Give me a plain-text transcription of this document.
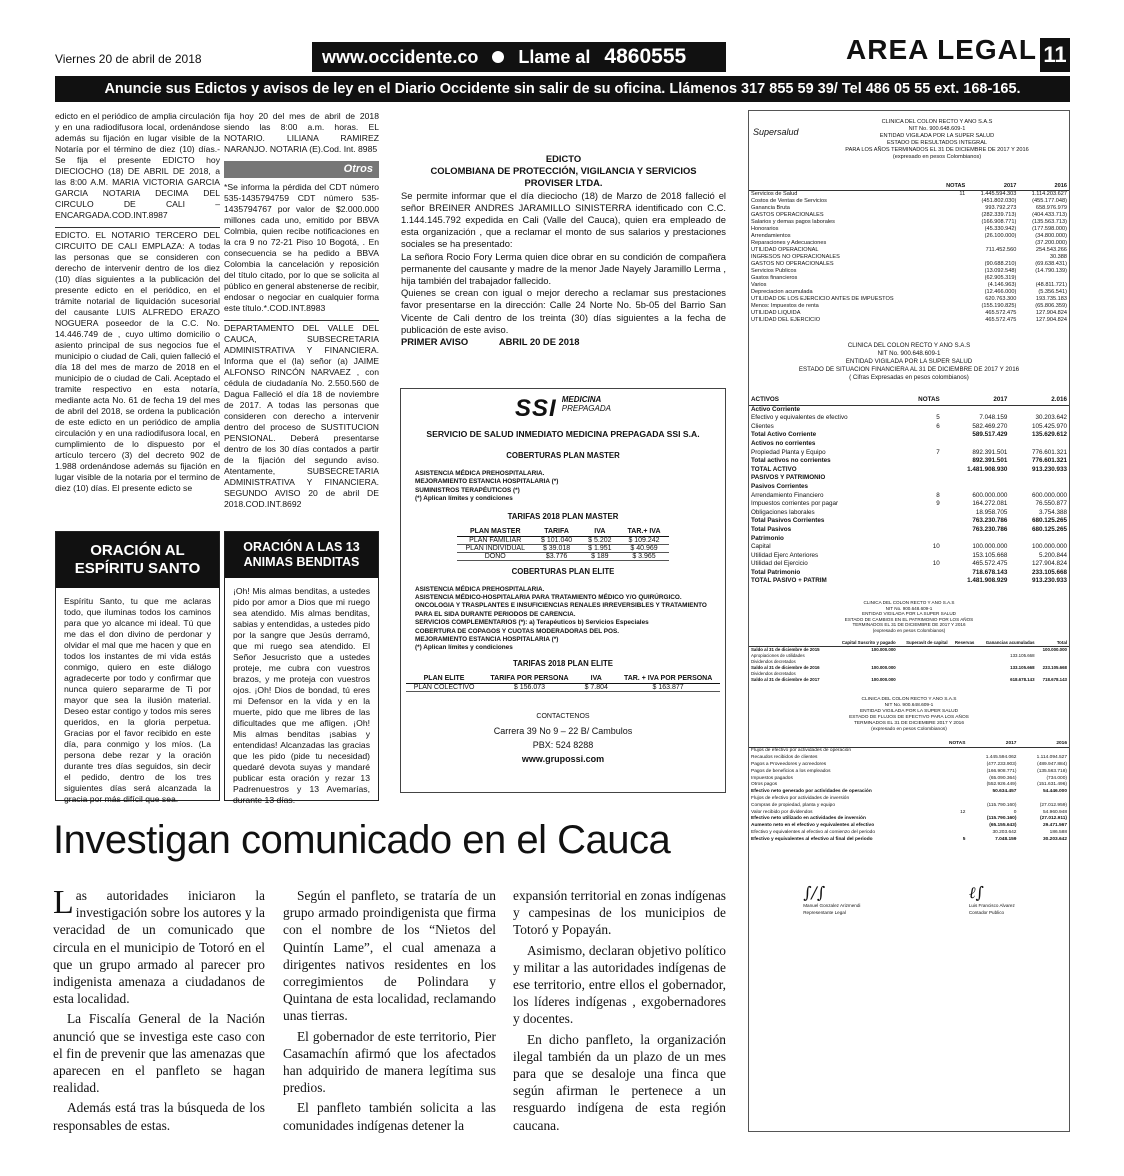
Viernes 20 de abril de 2018	www.occidente.co Llame al 4860555	AREA LEGAL 11
Anuncie sus Edictos y avisos de ley en el Diario Occidente sin salir de su oficina. Llámenos 317 855 59 39/ Tel 486 05 55 ext. 168-165.

edicto en el periódico de amplia circulación y en una radiodifusora local, ordenándose además su fijación en lugar visible de la Notaría por el término de diez (10) días.- Se fija el presente EDICTO hoy DIECIOCHO (18) DE ABRIL DE 2018, a las 8:00 A.M. MARIA VICTORIA GARCIA GARCIA NOTARIA DECIMA DEL CIRCULO DE CALI – ENCARGADA.COD.INT.8987

EDICTO. EL NOTARIO TERCERO DEL CIRCUITO DE CALI EMPLAZA: A todas las personas que se consideren con derecho de intervenir dentro de los diez (10) días siguientes a la publicación del presente edicto en el periódico, en el trámite notarial de liquidación sucesorial del causante LUIS ALFREDO ERAZO NOGUERA poseedor de la C.C. No. 14.446.749 de , cuyo ultimo domicilio o asiento principal de sus negocios fue el municipio o ciudad de Cali, quien falleció el día 18 del mes de marzo de 2018 en el municipio de o ciudad de Cali. Aceptado el tramite respectivo en esta notaría, mediante acta No. 61 de fecha 19 del mes de abril del 2018, se ordena la publicación de este edicto en un periódico de amplia circulación y en una radiodifusora local, en cumplimiento de lo dispuesto por el artículo tercero (3) del decreto 902 de 1.988 ordenándose además su fijación en lugar visible de la notaria por el termino de diez (10) días. El presente edicto se

fija hoy 20 del mes de abril de 2018 siendo las 8:00 a.m. horas. EL NOTARIO. LILIANA RAMIREZ NARANJO. NOTARIA (E).Cod. Int. 8985

Otros

*Se informa la pérdida del CDT número 535-1435794759 CDT número 535-1435794767 por valor de $2.000.000 millones cada uno, emitido por BBVA Colmbia, quien recibe notificaciones en la cra 9 no 72-21 Piso 10 Bogotá, . En consecuencia se ha pedido a BBVA Colombia la cancelación y reposición del título citado, por lo que se solicita al público en general abstenerse de recibir, endosar o negociar en cualquier forma este título.*.COD.INT.8983

DEPARTAMENTO DEL VALLE DEL CAUCA, SUBSECRETARIA ADMINISTRATIVA Y FINANCIERA. Informa que el (la) señor (a) JAIME ALFONSO RINCÓN NARVAEZ , con cédula de ciudadanía No. 2.550.560 de Dagua Falleció el día 18 de noviembre de 2017. A todas las personas que consideren con derecho a intervenir dentro del proceso de SUSTITUCION PENSIONAL. Deberá presentarse dentro de los 30 días contados a partir de la fijación del segundo aviso. Atentamente, SUBSECRETARIA ADMINISTRATIVA Y FINANCIERA. SEGUNDO AVISO 20 de abril DE 2018.COD.INT.8692

ORACIÓN AL ESPÍRITU SANTO
Espíritu Santo, tu que me aclaras todo, que iluminas todos los caminos para que yo alcance mi ideal. Tú que me das el don divino de perdonar y olvidar el mal que me hacen y que en todos los instantes de mi vida estás conmigo, quiero en este diálogo agradecerte por todo y confirmar que nunca quiero separarme de Ti por mayor que sea la ilusión material. Deseo estar contigo y todos mis seres queridos, en la gloria perpetua. Gracias por el favor recibido en este día, para conmigo y los míos. (La persona debe rezar y la oración durante tres días seguidos, sin decir el pedido, dentro de los tres siguientes días será alcanzada la gracia por más difícil que sea.
ORACIÓN A LAS 13 ANIMAS BENDITAS
¡Oh! Mis almas benditas, a ustedes pido por amor a Dios que mi ruego sea atendido. Mis almas benditas, sabias y entendidas, a ustedes pido por la sangre que Jesús derramó, que mi ruego sea atendido. El Señor Jesucristo que a ustedes proteje, me cubra con vuestros brazos, y me proteja con vuestros ojos. ¡Oh! Dios de bondad, tú eres mi Defensor en la vida y en la muerte, pido que me libres de las dificultades que me afligen. ¡Oh! Mis almas benditas ¡sabias y entendidas! Alcanzadas las gracias que les pido (pide tu necesidad) quedaré devota suyas y mandaré publicar esta oración y rezar 13 Padrenuestros y 13 Avemarías, durante 13 días.
EDICTO
COLOMBIANA DE PROTECCIÓN, VIGILANCIA Y SERVICIOS
PROVISER LTDA.
Se permite informar que el día dieciocho (18) de Marzo de 2018 falleció el señor BREINER ANDRES JARAMILLO SINISTERRA identificado con C.C. 1.144.145.792 expedida en Cali (Valle del Cauca), quien era empleado de esta organización , que a reclamar el monto de sus salarios y prestaciones sociales se ha presentado:
La señora Rocio Fory Lerma quien dice obrar en su condición de compañera permanente del causante y madre de la menor Jade Nayely Jaramillo Lerma , hija también del trabajador fallecido.
Quienes se crean con igual o mejor derecho a reclamar sus prestaciones favor presentarse en la dirección: Calle 24 Norte No. 5b-05 del Barrio San Vicente de Cali dentro de los treinta (30) días siguientes a la fecha de publicación de este aviso.
PRIMER AVISO	ABRIL 20 DE 2018
SSI MEDICINA
PREPAGADA
SERVICIO DE SALUD INMEDIATO MEDICINA PREPAGADA SSI S.A.
COBERTURAS PLAN MASTER
ASISTENCIA MÉDICA PREHOSPITALARIA.
MEJORAMIENTO ESTANCIA HOSPITALARIA (*)
SUMINISTROS TERAPÉUTICOS (*)
(*) Aplican límites y condiciones
TARIFAS 2018 PLAN MASTER
PLAN MASTER	TARIFA	IVA	TAR.+ IVA
PLAN FAMILIAR	$ 101.040	$ 5.202	$ 109.242
PLAN INDIVIDUAL	$ 39.018	$ 1.951	$ 40.969
DONO	$3.776	$ 189	$ 3.965
COBERTURAS PLAN ELITE
ASISTENCIA MÉDICA PREHOSPITALARIA.
ASISTENCIA MÉDICO-HOSPITALARIA PARA TRATAMIENTO MÉDICO Y/O QUIRÚRGICO.
ONCOLOGIA Y TRASPLANTES E INSUFICIENCIAS RENALES IRREVERSIBLES Y TRATAMIENTO PARA EL SIDA DURANTE PERIODOS DE CARENCIA.
SERVICIOS COMPLEMENTARIOS (*): a) Terapéuticos b) Servicios Especiales
COBERTURA DE COPAGOS Y CUOTAS MODERADORAS DEL POS.
MEJORAMIENTO ESTANCIA HOSPITALARIA (*)
(*) Aplican límites y condiciones
TARIFAS 2018 PLAN ELITE
PLAN ELITE	TARIFA POR PERSONA	IVA	TAR. + IVA POR PERSONA
PLAN COLECTIVO	$ 156.073	$ 7.804	$ 163.877
CONTACTENOS
Carrera 39 No 9 – 22 B/ Cambulos
PBX: 524 8288
www.grupossi.com
Supersalud
CLINICA DEL COLON RECTO Y ANO S.A.S
NIT No. 900.648.609-1
ENTIDAD VIGILADA POR LA SUPER SALUD
ESTADO DE RESULTADOS INTEGRAL
PARA LOS AÑOS TERMINADOS EL 31 DE DICIEMBRE DE 2017 Y 2016
(expresado en pesos Colombianos)
	NOTAS	2017	2016
Servicios de Salud	11	1.445.594.303	1.114.203.627
Costos de Ventas de Servicios		(451.802.030)	(455.177.048)
Ganancia Bruta		993.792.273	658.976.979
GASTOS OPERACIONALES		(282.339.713)	(404.433.713)
Salarios y demas pagos laborales		(166.908.771)	(135.563.713)
Honorarios		(45.330.942)	(177.598.000)
Arrendamientos		(26.100.000)	(34.800.000)
Reparaciones y Adecuaciones			(37.200.000)
UTILIDAD OPERACIONAL		711.452.560	254.543.266
INGRESOS NO OPERACIONALES			30.388
GASTOS NO OPERACIONALES		(90.688.210)	(69.638.431)
Servicios Publicos		(13.092.548)	(14.790.139)
Gastos financieros		(62.905.319)	
Varios		(4.146.963)	(48.811.721)
Depreciacion acumulada		(12.466.000)	(5.356.541)
UTILIDAD DE LOS EJERCICIO ANTES DE IMPUESTOS		620.763.300	193.735.183
Menos: Impuestos de renta		(155.190.825)	(65.806.359)
UTILIDAD LIQUIDA		465.572.475	127.904.824
UTILIDAD DEL EJERCICIO		465.572.475	127.904.824
CLINICA DEL COLON RECTO Y ANO S.A.S
NIT No. 900.648.609-1
ENTIDAD VIGILADA POR LA SUPER SALUD
ESTADO DE SITUACION FINANCIERA AL 31 DE DICIEMBRE DE 2017 Y 2016
( Cifras Expresadas en pesos colombianos)
ACTIVOS	NOTAS	2017	2.016
Activo Corriente			
Efectivo y equivalentes de efectivo	5	7.048.159	30.203.642
Clientes	6	582.469.270	105.425.970
Total Activo Corriente		589.517.429	135.629.612
Activos no corrientes			
Propiedad Planta y Equipo	7	892.391.501	776.601.321
Total activos no corrientes		892.391.501	776.601.321
TOTAL ACTIVO		1.481.908.930	913.230.933
PASIVOS Y PATRIMONIO			
Pasivos Corrientes			
Arrendamiento Financiero	8	600.000.000	600.000.000
Impuestos corrientes por pagar	9	164.272.081	76.550.877
Obligaciones laborales		18.958.705	3.754.388
Total Pasivos Corrientes		763.230.786	680.125.265
Total Pasivos		763.230.786	680.125.265
Patrimonio			
Capital	10	100.000.000	100.000.000
Utilidad Ejerc Anteriores		153.105.668	5.200.844
Utilidad del Ejercicio	10	465.572.475	127.904.824
Total Patrimonio		718.678.143	233.105.668
TOTAL PASIVO + PATRIM		1.481.908.929	913.230.933
CLINICA DEL COLON RECTO Y ANO S.A.S
NIT No. 900.648.609-1
ENTIDAD VIGILADA POR LA SUPER SALUD
ESTADO DE CAMBIOS EN EL PATRIMONIO POR LOS AÑOS
TERMINADOS EL 31 DE DICIEMBRE DE 2017 Y 2016
(expresado en pesos Colombianos)
	Capital Suscrito y pagado	Superavit de capital	Reservas	Ganancias acumuladas	Total
Saldo al 31 de diciembre de 2015	100.000.000				100.000.000
Apropiaciones de utilidades				133.105.668	
Dividendos decretados					
Saldo al 31 de diciembre de 2016	100.000.000			133.105.668	233.105.668
Dividendos decretados					
Saldo al 31 de diciembre de 2017	100.000.000			618.678.143	718.678.143
CLINICA DEL COLON RECTO Y ANO S.A.S
NIT No. 900.648.609-1
ENTIDAD VIGILADA POR LA SUPER SALUD
ESTADO DE FLUJOS DE EFECTIVO PARA LOS AÑOS
TERMINADOS EL 31 DE DICIEMBRE 2017 Y 2016
(expresado en pesos Colombianos)
	NOTAS	2017	2016
Flujos de efectivo por actividades de operación			
Recaudos recibidos de clientes		1.445.594.062	1.114.094.527
Pagos a Proveedores y acreedores		(477.233.903)	(489.947.884)
Pagos de beneficios a los empleados		(166.908.771)	(135.563.718)
Impuestos pagados		(65.090.364)	(734.000)
Otros pagos		(552.926.449)	(151.631.496)
Efectivo neto generado por actividades de operación		50.634.457	54.446.000
Flujos de efectivo por actividades de inversión			
Compras de propiedad, planta y equipo		(115.790.160)	(27.012.959)
Valor recibido por dividendos	12	0	54.960.948
Efectivo neto utilizado en actividades de inversión		(115.790.160)	(27.012.911)
Aumento neto en el efectivo y equivalentes al efectivo		(65.155.643)	29.471.567
Efectivo y equivalentes al efectivo al comienzo del periodo		30.203.642	186.588
Efectivo y equivalentes al efectivo al final del periodo	5	7.048.159	30.203.642
∫∕∫
Manuel Gonzalez Arizmendi
Representante Legal
ℓ∫
Luis Francisco Alvarez
Contador Publico
Investigan comunicado en el Cauca

Las autoridades iniciaron la investigación sobre los autores y la veracidad de un comunicado que circula en el municipio de Totoró en el que un grupo armado al parecer pro indigenista amenaza a ciudadanos de esta localidad.

La Fiscalía General de la Nación anunció que se investiga este caso con el fin de prevenir que las amenazas que aparecen en el panfleto se hagan realidad.

Además está tras la búsqueda de los responsables de estas.

Según el panfleto, se trataría de un grupo armado proindigenista que firma con el nombre de los “Nietos del Quintín Lame”, el cual amenaza a dirigentes nativos residentes en los corregimientos de Polindara y Quintana de esta localidad, reclamando unas tierras.

El gobernador de este territorio, Pier Casamachín afirmó que los afectados han adquirido de manera legítima sus predios.

El panfleto también solicita a las comunidades indígenas detener la

expansión territorial en zonas indígenas y campesinas de los municipios de Totoró y Popayán.

Asimismo, declaran objetivo político y militar a las autoridades indígenas de ese territorio, entre ellos el gobernador, los líderes indígenas , exgobernadores y docentes.

En dicho panfleto, la organización ilegal también da un plazo de un mes para que se desaloje una finca que según afirman le pertenece a un resguardo indígena de esta región caucana.
